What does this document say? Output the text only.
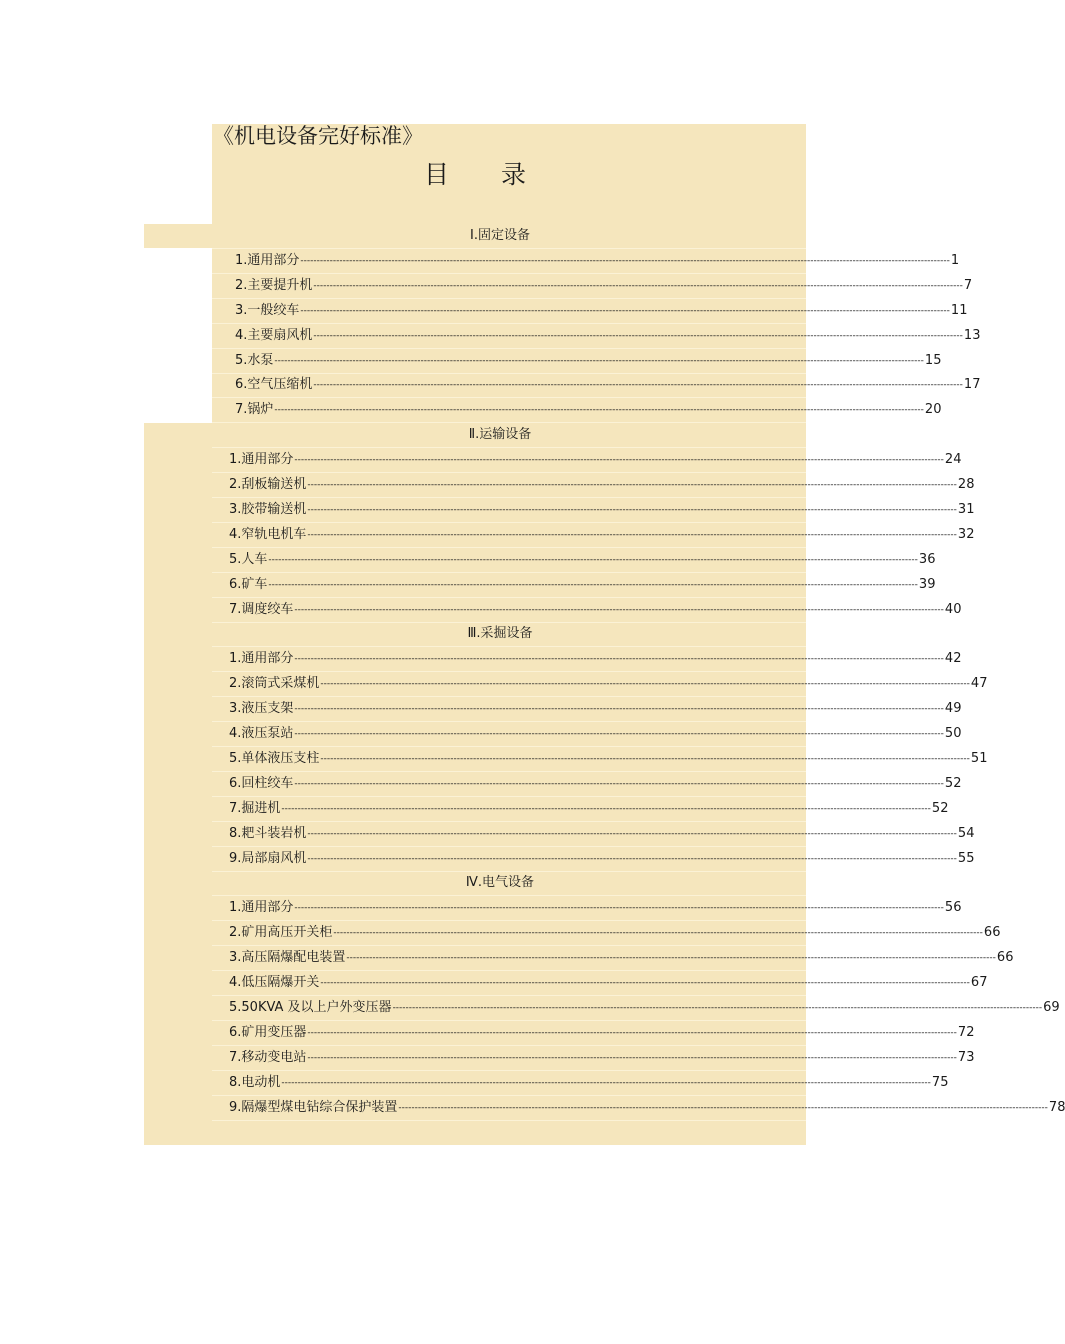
《机电设备完好标准》
目 录
Ⅰ.固定设备
1.通用部分 -------------------------------------------------------------------------------------------------------------------------------------------------------------------------------------------------------- 1
2.主要提升机 -------------------------------------------------------------------------------------------------------------------------------------------------------------------------------------------------------- 7
3.一般绞车 -------------------------------------------------------------------------------------------------------------------------------------------------------------------------------------------------------- 11
4.主要扇风机 -------------------------------------------------------------------------------------------------------------------------------------------------------------------------------------------------------- 13
5.水泵 -------------------------------------------------------------------------------------------------------------------------------------------------------------------------------------------------------- 15
6.空气压缩机 -------------------------------------------------------------------------------------------------------------------------------------------------------------------------------------------------------- 17
7.锅炉 -------------------------------------------------------------------------------------------------------------------------------------------------------------------------------------------------------- 20
Ⅱ.运输设备
1.通用部分 -------------------------------------------------------------------------------------------------------------------------------------------------------------------------------------------------------- 24
2.刮板输送机 -------------------------------------------------------------------------------------------------------------------------------------------------------------------------------------------------------- 28
3.胶带输送机 -------------------------------------------------------------------------------------------------------------------------------------------------------------------------------------------------------- 31
4.窄轨电机车 -------------------------------------------------------------------------------------------------------------------------------------------------------------------------------------------------------- 32
5.人车 -------------------------------------------------------------------------------------------------------------------------------------------------------------------------------------------------------- 36
6.矿车 -------------------------------------------------------------------------------------------------------------------------------------------------------------------------------------------------------- 39
7.调度绞车 -------------------------------------------------------------------------------------------------------------------------------------------------------------------------------------------------------- 40
Ⅲ.采掘设备
1.通用部分 -------------------------------------------------------------------------------------------------------------------------------------------------------------------------------------------------------- 42
2.滚筒式采煤机 -------------------------------------------------------------------------------------------------------------------------------------------------------------------------------------------------------- 47
3.液压支架 -------------------------------------------------------------------------------------------------------------------------------------------------------------------------------------------------------- 49
4.液压泵站 -------------------------------------------------------------------------------------------------------------------------------------------------------------------------------------------------------- 50
5.单体液压支柱 -------------------------------------------------------------------------------------------------------------------------------------------------------------------------------------------------------- 51
6.回柱绞车 -------------------------------------------------------------------------------------------------------------------------------------------------------------------------------------------------------- 52
7.掘进机 -------------------------------------------------------------------------------------------------------------------------------------------------------------------------------------------------------- 52
8.耙斗装岩机 -------------------------------------------------------------------------------------------------------------------------------------------------------------------------------------------------------- 54
9.局部扇风机 -------------------------------------------------------------------------------------------------------------------------------------------------------------------------------------------------------- 55
Ⅳ.电气设备
1.通用部分 -------------------------------------------------------------------------------------------------------------------------------------------------------------------------------------------------------- 56
2.矿用高压开关柜 -------------------------------------------------------------------------------------------------------------------------------------------------------------------------------------------------------- 66
3.高压隔爆配电装置 -------------------------------------------------------------------------------------------------------------------------------------------------------------------------------------------------------- 66
4.低压隔爆开关 -------------------------------------------------------------------------------------------------------------------------------------------------------------------------------------------------------- 67
5.50KVA 及以上户外变压器 -------------------------------------------------------------------------------------------------------------------------------------------------------------------------------------------------------- 69
6.矿用变压器 -------------------------------------------------------------------------------------------------------------------------------------------------------------------------------------------------------- 72
7.移动变电站 -------------------------------------------------------------------------------------------------------------------------------------------------------------------------------------------------------- 73
8.电动机 -------------------------------------------------------------------------------------------------------------------------------------------------------------------------------------------------------- 75
9.隔爆型煤电钻综合保护装置 -------------------------------------------------------------------------------------------------------------------------------------------------------------------------------------------------------- 78
